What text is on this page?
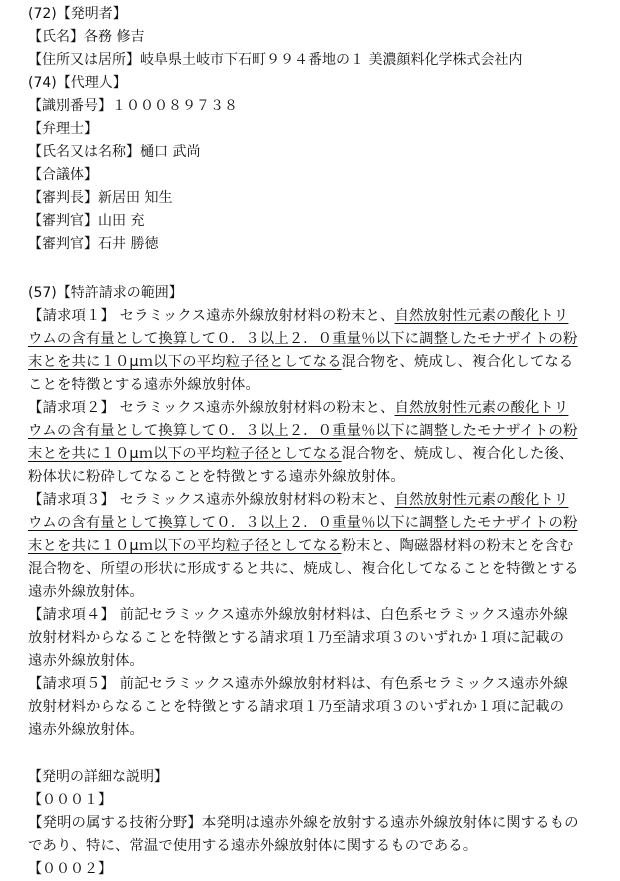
(72)【発明者】
【氏名】各務 修吉
【住所又は居所】岐阜県土岐市下石町９９４番地の１ 美濃顔料化学株式会社内
(74)【代理人】
【識別番号】１０００８９７３８
【弁理士】
【氏名又は名称】樋口 武尚
【合議体】
【審判長】新居田 知生
【審判官】山田 充
【審判官】石井 勝徳
(57)【特許請求の範囲】
【請求項１】 セラミックス遠赤外線放射材料の粉末と、自然放射性元素の酸化トリ
ウムの含有量として換算して０．３以上２．０重量％以下に調整したモナザイトの粉
末とを共に１０μｍ以下の平均粒子径としてなる混合物を、焼成し、複合化してなる
ことを特徴とする遠赤外線放射体。
【請求項２】 セラミックス遠赤外線放射材料の粉末と、自然放射性元素の酸化トリ
ウムの含有量として換算して０．３以上２．０重量％以下に調整したモナザイトの粉
末とを共に１０μｍ以下の平均粒子径としてなる混合物を、焼成し、複合化した後、
粉体状に粉砕してなることを特徴とする遠赤外線放射体。
【請求項３】 セラミックス遠赤外線放射材料の粉末と、自然放射性元素の酸化トリ
ウムの含有量として換算して０．３以上２．０重量％以下に調整したモナザイトの粉
末とを共に１０μｍ以下の平均粒子径としてなる粉末と、陶磁器材料の粉末とを含む
混合物を、所望の形状に形成すると共に、焼成し、複合化してなることを特徴とする
遠赤外線放射体。
【請求項４】 前記セラミックス遠赤外線放射材料は、白色系セラミックス遠赤外線
放射材料からなることを特徴とする請求項１乃至請求項３のいずれか１項に記載の
遠赤外線放射体。
【請求項５】 前記セラミックス遠赤外線放射材料は、有色系セラミックス遠赤外線
放射材料からなることを特徴とする請求項１乃至請求項３のいずれか１項に記載の
遠赤外線放射体。
【発明の詳細な説明】
【０００１】
【発明の属する技術分野】本発明は遠赤外線を放射する遠赤外線放射体に関するもの
であり、特に、常温で使用する遠赤外線放射体に関するものである。
【０００２】
